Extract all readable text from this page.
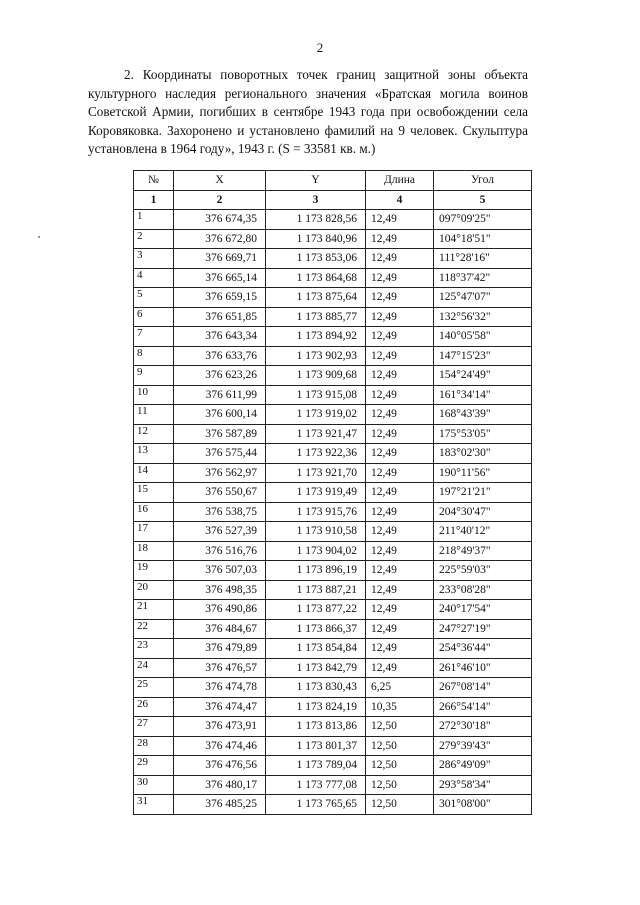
2

2. Координаты поворотных точек границ защитной зоны объекта культурного наследия регионального значения «Братская могила воинов Советской Армии, погибших в сентябре 1943 года при освобождении села Коровяковка. Захоронено и установлено фамилий на 9 человек. Скульптура установлена в 1964 году», 1943 г. (S = 33581 кв. м.)

№	X	Y	Длина	Угол
1	2	3	4	5
1	376 674,35	1 173 828,56	12,49	097°09'25"
2	376 672,80	1 173 840,96	12,49	104°18'51"
3	376 669,71	1 173 853,06	12,49	111°28'16"
4	376 665,14	1 173 864,68	12,49	118°37'42"
5	376 659,15	1 173 875,64	12,49	125°47'07"
6	376 651,85	1 173 885,77	12,49	132°56'32"
7	376 643,34	1 173 894,92	12,49	140°05'58"
8	376 633,76	1 173 902,93	12,49	147°15'23"
9	376 623,26	1 173 909,68	12,49	154°24'49"
10	376 611,99	1 173 915,08	12,49	161°34'14"
11	376 600,14	1 173 919,02	12,49	168°43'39"
12	376 587,89	1 173 921,47	12,49	175°53'05"
13	376 575,44	1 173 922,36	12,49	183°02'30"
14	376 562,97	1 173 921,70	12,49	190°11'56"
15	376 550,67	1 173 919,49	12,49	197°21'21"
16	376 538,75	1 173 915,76	12,49	204°30'47"
17	376 527,39	1 173 910,58	12,49	211°40'12"
18	376 516,76	1 173 904,02	12,49	218°49'37"
19	376 507,03	1 173 896,19	12,49	225°59'03"
20	376 498,35	1 173 887,21	12,49	233°08'28"
21	376 490,86	1 173 877,22	12,49	240°17'54"
22	376 484,67	1 173 866,37	12,49	247°27'19"
23	376 479,89	1 173 854,84	12,49	254°36'44"
24	376 476,57	1 173 842,79	12,49	261°46'10"
25	376 474,78	1 173 830,43	6,25	267°08'14"
26	376 474,47	1 173 824,19	10,35	266°54'14"
27	376 473,91	1 173 813,86	12,50	272°30'18"
28	376 474,46	1 173 801,37	12,50	279°39'43"
29	376 476,56	1 173 789,04	12,50	286°49'09"
30	376 480,17	1 173 777,08	12,50	293°58'34"
31	376 485,25	1 173 765,65	12,50	301°08'00"
